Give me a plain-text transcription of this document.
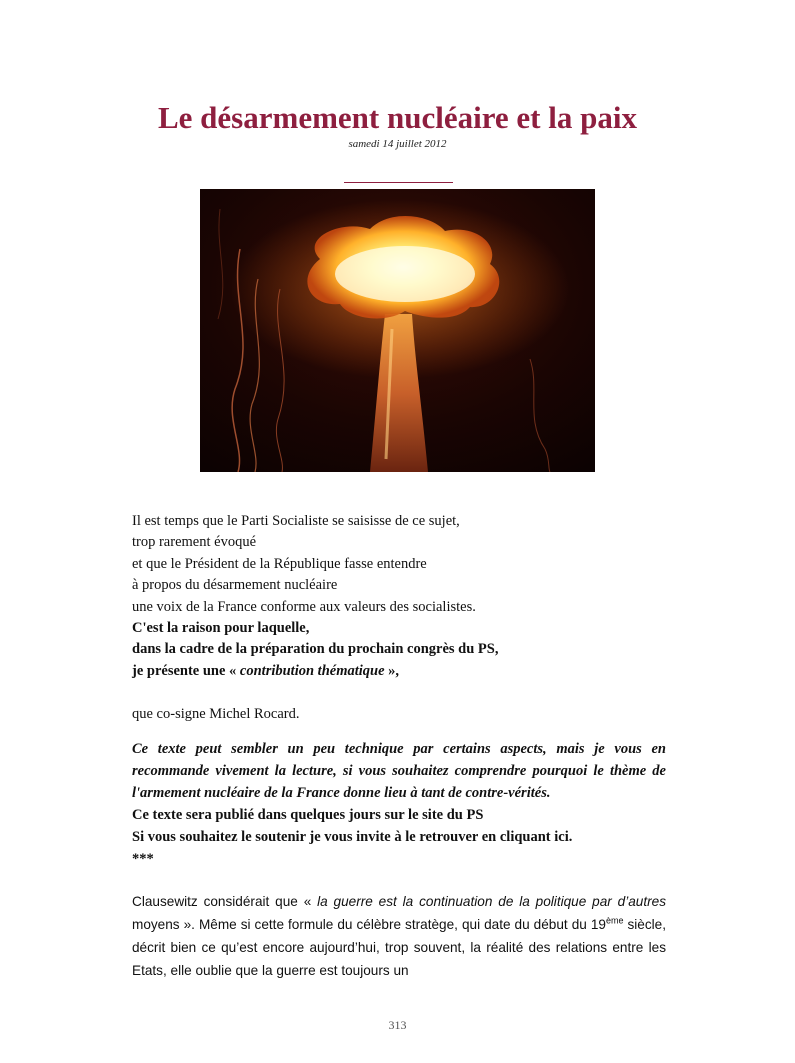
Le désarmement nucléaire et la paix
samedi 14 juillet 2012
Il est temps que le Parti Socialiste se saisisse de ce sujet,
trop rarement évoqué
et que le Président de la République fasse entendre
à propos du désarmement nucléaire
une voix de la France conforme aux valeurs des socialistes.
C'est la raison pour laquelle,
dans la cadre de la préparation du prochain congrès du PS,
je présente une « contribution thématique »,
que co-signe Michel Rocard.
Ce texte peut sembler un peu technique par certains aspects, mais je vous en recommande vivement la lecture, si vous souhaitez comprendre pourquoi le thème de l'armement nucléaire de la France donne lieu à tant de contre-vérités.
Ce texte sera publié dans quelques jours sur le site du PS
Si vous souhaitez le soutenir je vous invite à le retrouver en cliquant ici.
***
Clausewitz considérait que « la guerre est la continuation de la politique par d’autres moyens ». Même si cette formule du célèbre stratège, qui date du début du 19ème siècle, décrit bien ce qu’est encore aujourd’hui, trop souvent, la réalité des relations entre les Etats, elle oublie que la guerre est toujours un
313
